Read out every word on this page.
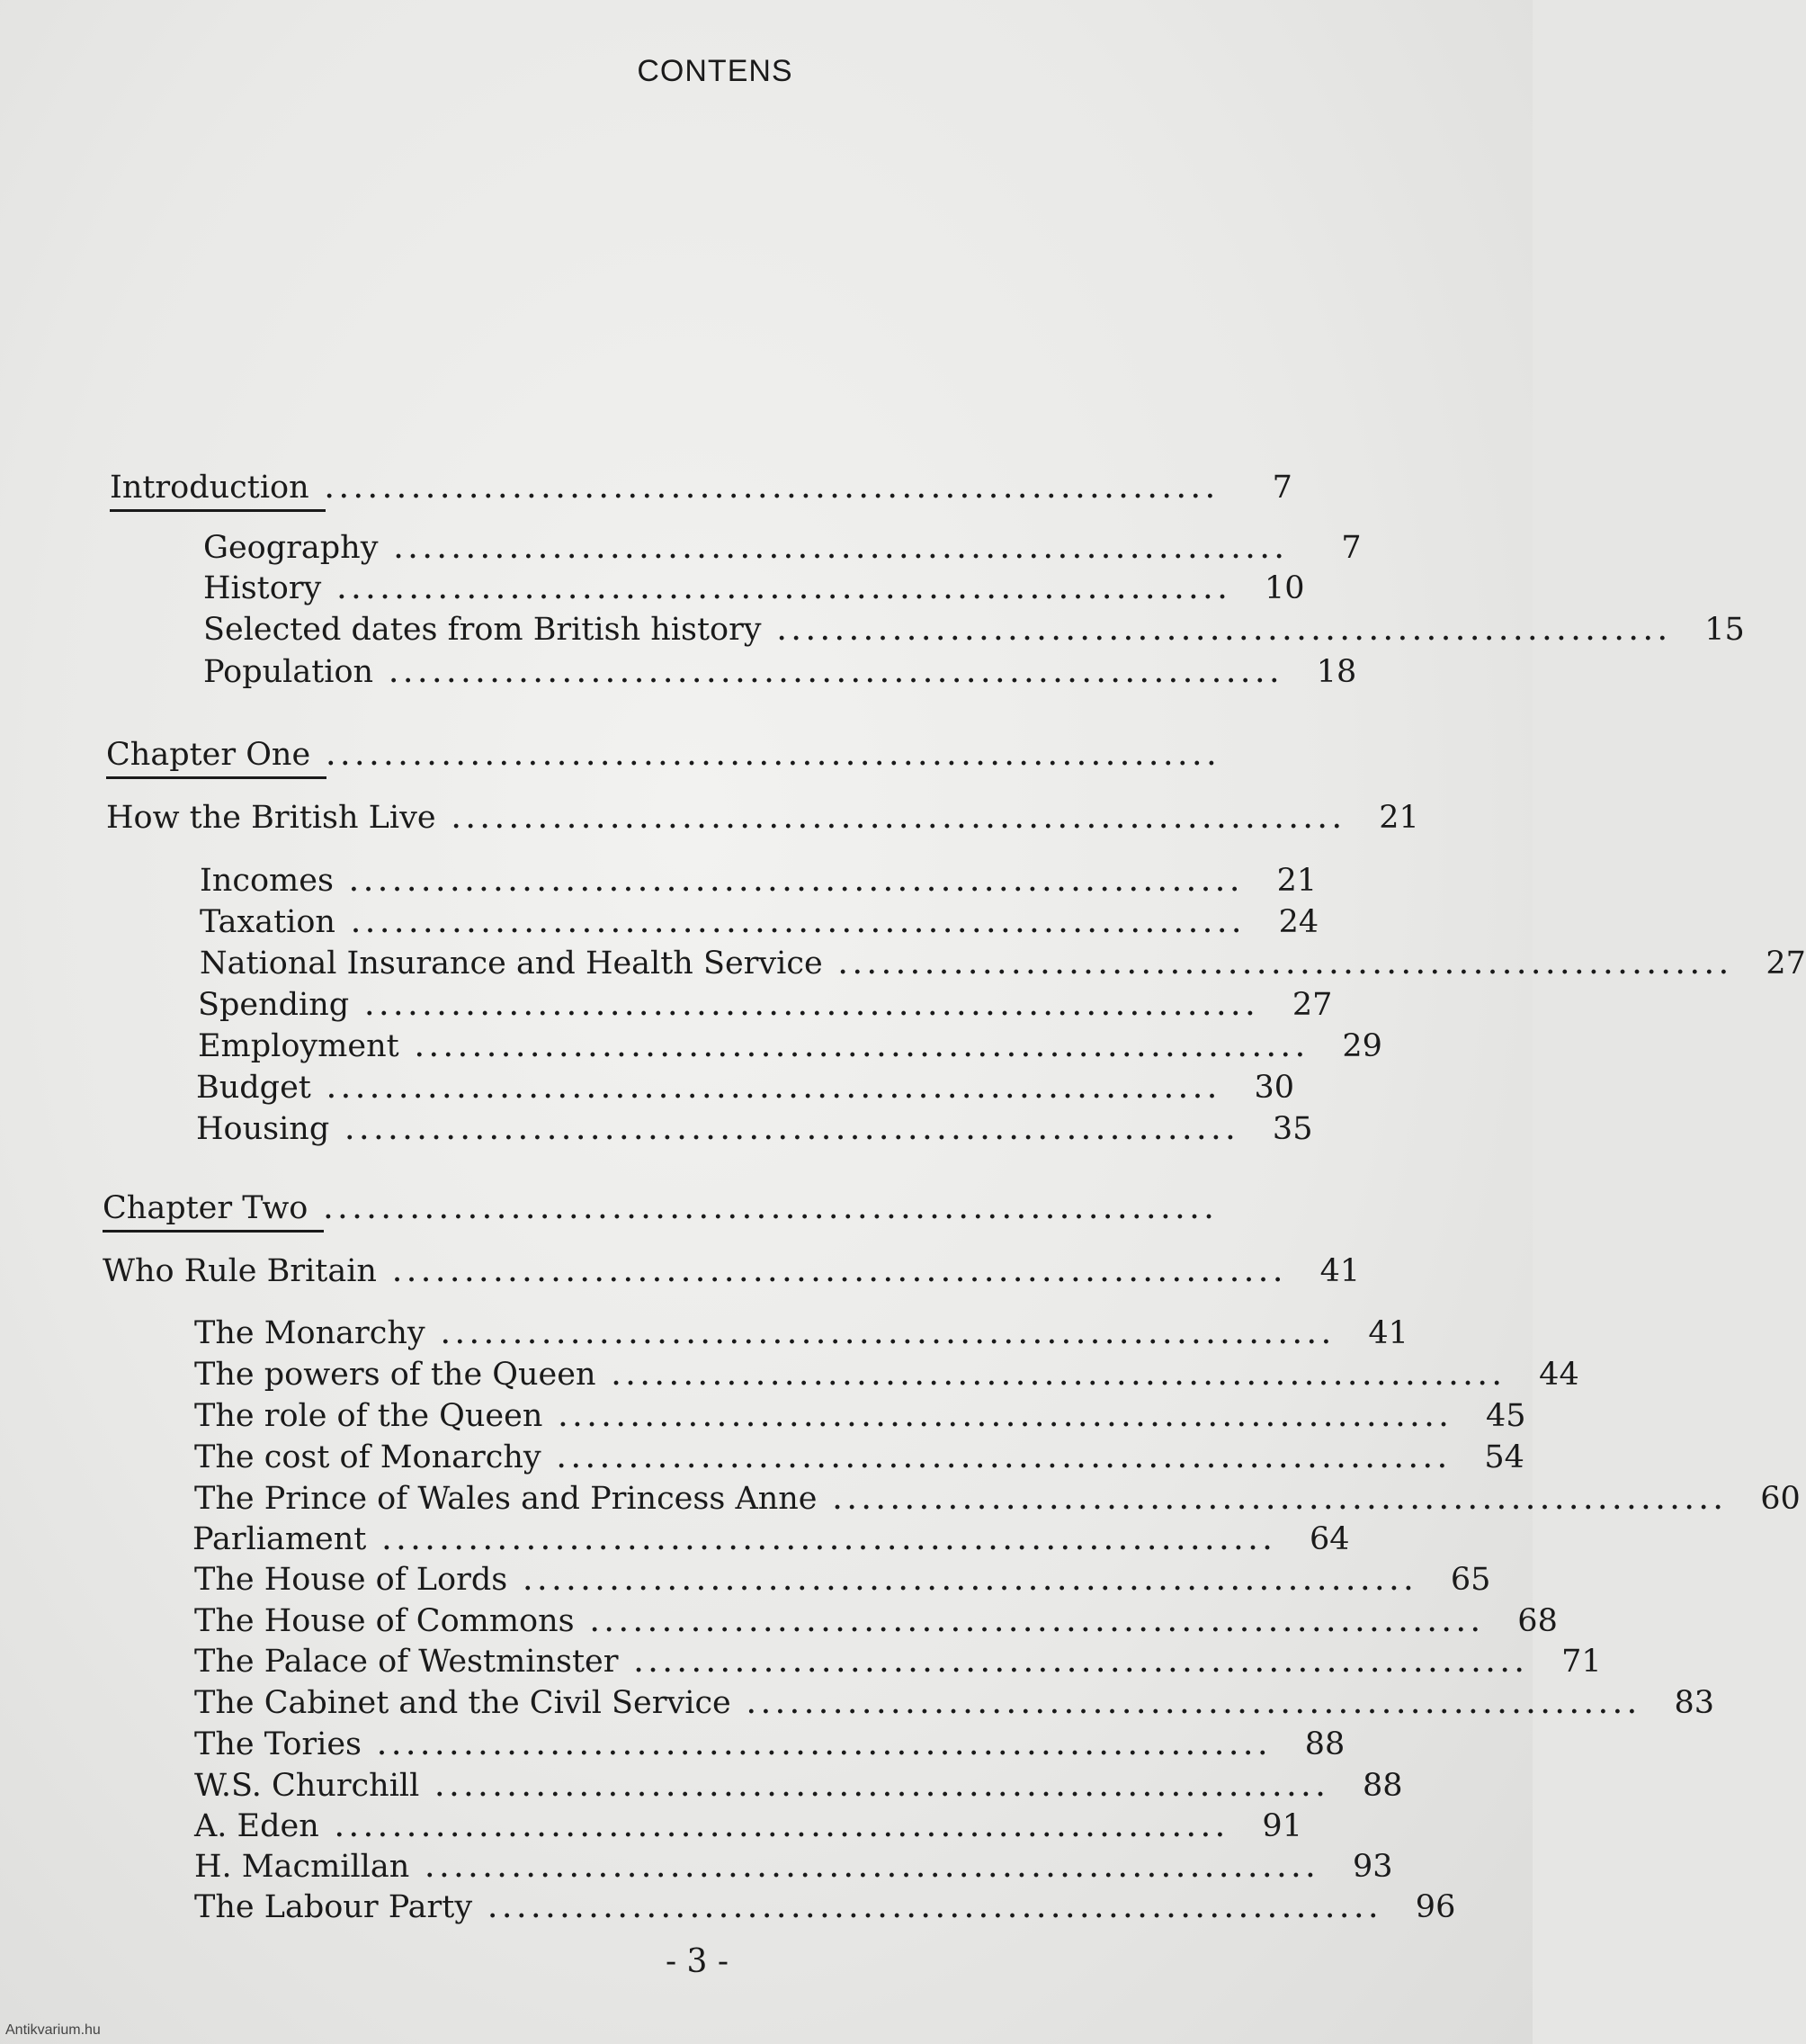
CONTENS
Introduction ..............................................................	7
Geography ..............................................................	7
History ..............................................................	10
Selected dates from British history ..............................................................	15
Population ..............................................................	18
Chapter One ..............................................................
How the British Live ..............................................................	21
Incomes ..............................................................	21
Taxation ..............................................................	24
National Insurance and Health Service ..............................................................	27
Spending ..............................................................	27
Employment ..............................................................	29
Budget ..............................................................	30
Housing ..............................................................	35
Chapter Two ..............................................................
Who Rule Britain ..............................................................	41
The Monarchy ..............................................................	41
The powers of the Queen ..............................................................	44
The role of the Queen ..............................................................	45
The cost of Monarchy ..............................................................	54
The Prince of Wales and Princess Anne ..............................................................	60
Parliament ..............................................................	64
The House of Lords ..............................................................	65
The House of Commons ..............................................................	68
The Palace of Westminster ..............................................................	71
The Cabinet and the Civil Service ..............................................................	83
The Tories ..............................................................	88
W.S. Churchill ..............................................................	88
A. Eden ..............................................................	91
H. Macmillan ..............................................................	93
The Labour Party ..............................................................	96
- 3 -
Antikvarium.hu
